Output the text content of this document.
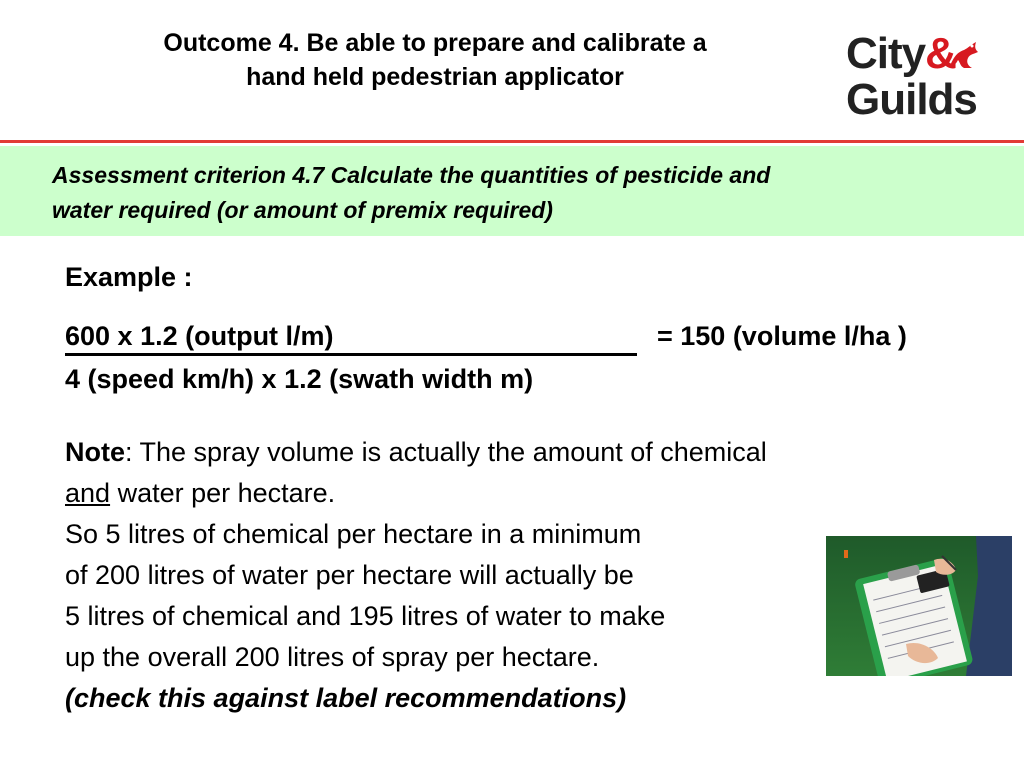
Outcome 4. Be able to prepare and calibrate a
hand held pedestrian applicator	City&
Guilds

Assessment criterion 4.7 Calculate the quantities of pesticide and
water required (or amount of premix required)

Example :
600 x 1.2 (output l/m)	= 150 (volume l/ha )
4 (speed km/h) x 1.2 (swath width m)
Note: The spray volume is actually the amount of chemical
and water per hectare.
So 5 litres of chemical per hectare in a minimum
of 200 litres of water per hectare will actually be
5 litres of chemical and 195 litres of water to make
up the overall 200 litres of spray per hectare.
(check this against label recommendations)
